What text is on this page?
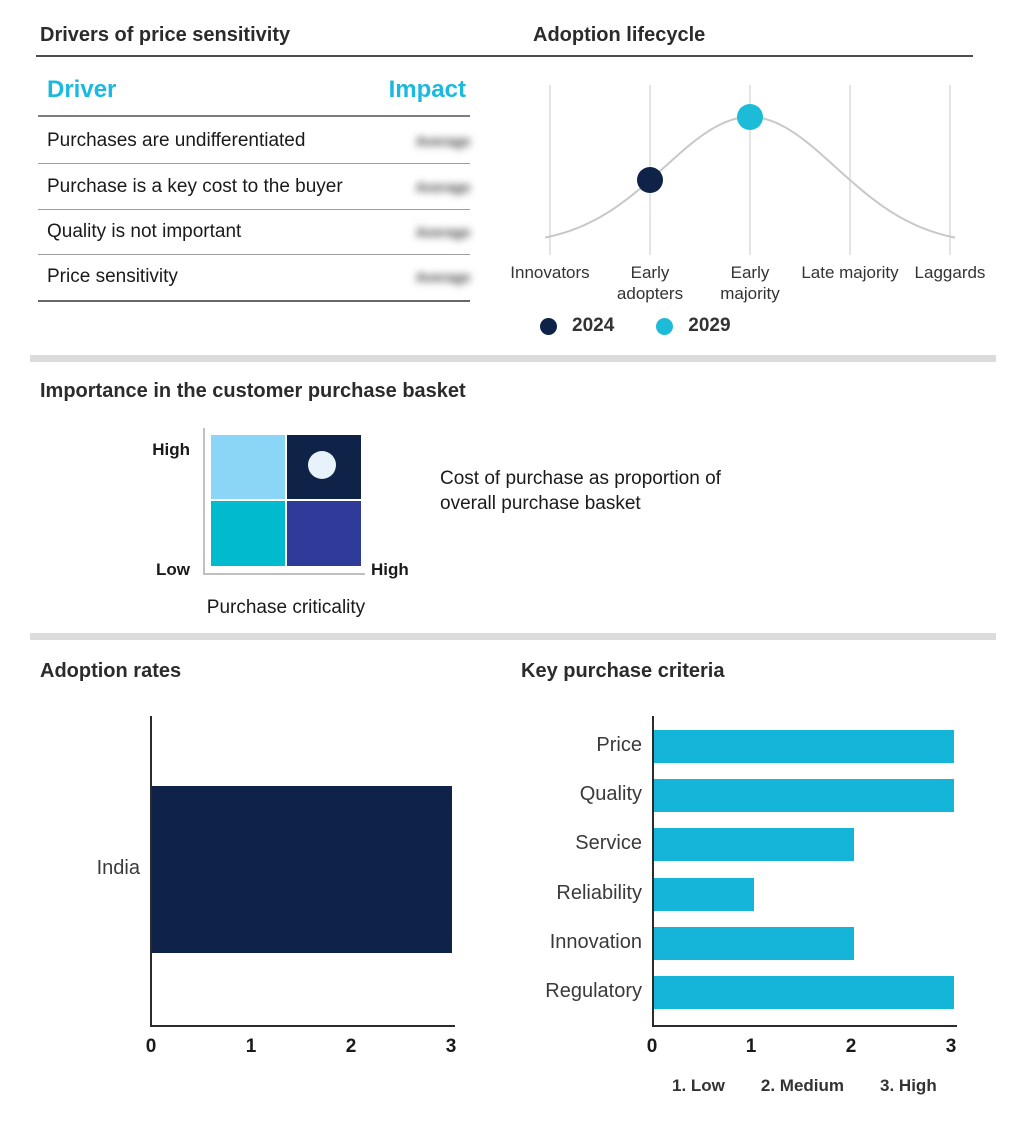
Drivers of price sensitivity	Adoption lifecycle
Driver	Impact
Purchases are undifferentiated	Average
Purchase is a key cost to the buyer	Average
Quality is not important	Average
Price sensitivity	Average	Innovators	Early adopters
Early majority
Late majority Laggards
2024	2029
Importance in the customer purchase basket
High
Low	High
Purchase criticality
Cost of purchase as proportion of
overall purchase basket
Adoption rates
India
0	1	2	3
Key purchase criteria
Price
Quality
Service
Reliability
Innovation
Regulatory
0	1	2	3
1. Low 2. Medium 3. High
